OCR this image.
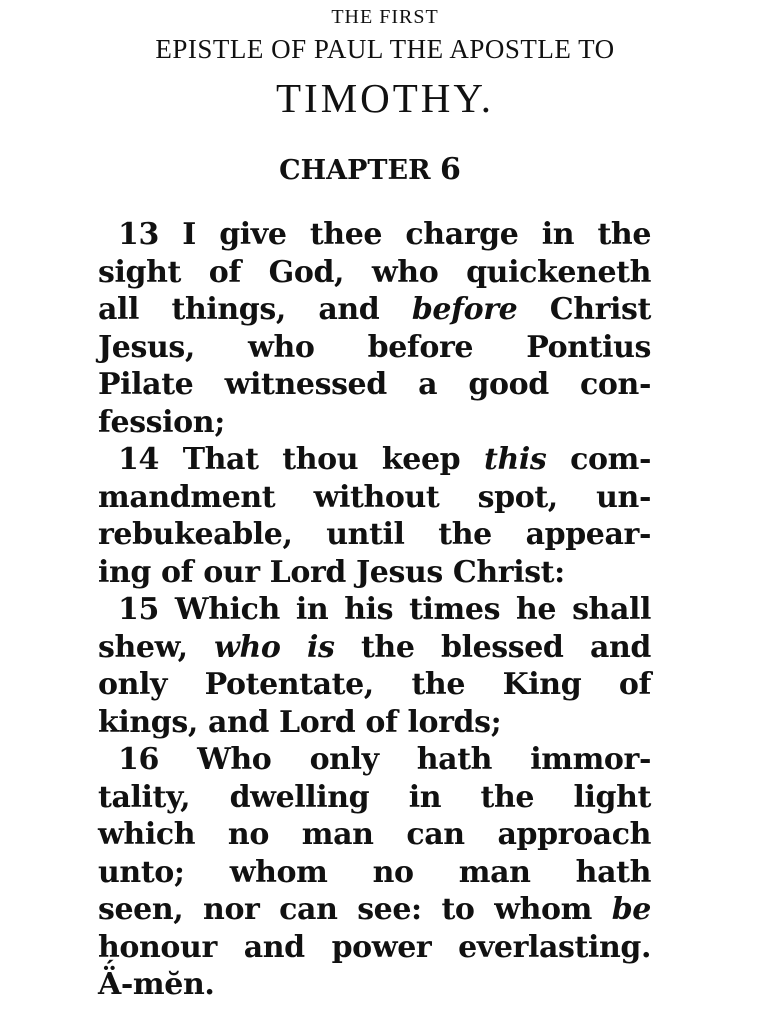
THE FIRST
EPISTLE OF PAUL THE APOSTLE TO
TIMOTHY.
CHAPTER 6
13 I give thee charge in the
sight of God, who quickeneth
all things, and before Christ
Jesus, who before Pontius
Pilate witnessed a good con-
fession;
14 That thou keep this com-
mandment without spot, un-
rebukeable, until the appear-
ing of our Lord Jesus Christ:
15 Which in his times he shall
shew, who is the blessed and
only Potentate, the King of
kings, and Lord of lords;
16 Who only hath immor-
tality, dwelling in the light
which no man can approach
unto; whom no man hath
seen, nor can see: to whom be
honour and power everlasting.
Ä́-mĕn.
